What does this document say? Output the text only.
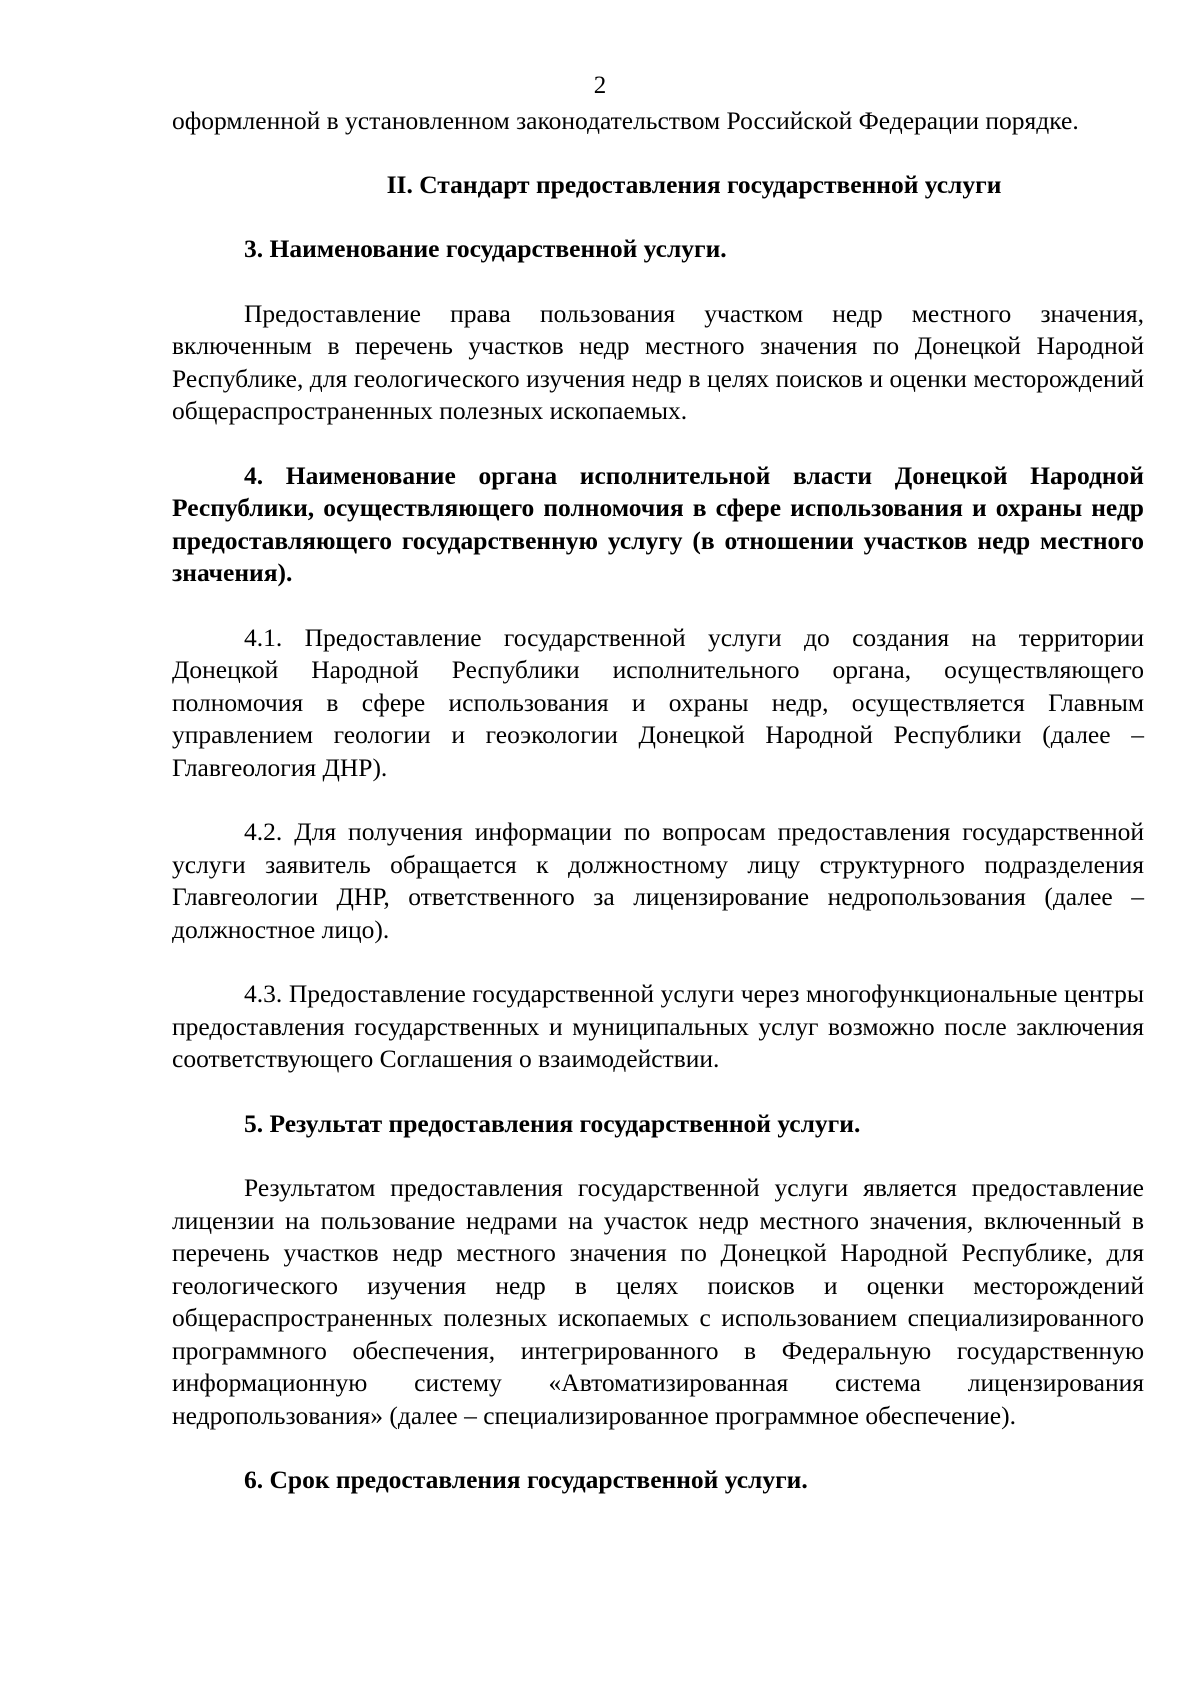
2

оформленной в установленном законодательством Российской Федерации порядке.

II. Стандарт предоставления государственной услуги

3. Наименование государственной услуги.

Предоставление права пользования участком недр местного значения, включенным в перечень участков недр местного значения по Донецкой Народной Республике, для геологического изучения недр в целях поисков и оценки месторождений общераспространенных полезных ископаемых.

4. Наименование органа исполнительной власти Донецкой Народной Республики, осуществляющего полномочия в сфере использования и охраны недр предоставляющего государственную услугу (в отношении участков недр местного значения).

4.1. Предоставление государственной услуги до создания на территории Донецкой Народной Республики исполнительного органа, осуществляющего полномочия в сфере использования и охраны недр, осуществляется Главным управлением геологии и геоэкологии Донецкой Народной Республики (далее – Главгеология ДНР).

4.2. Для получения информации по вопросам предоставления государственной услуги заявитель обращается к должностному лицу структурного подразделения Главгеологии ДНР, ответственного за лицензирование недропользования (далее – должностное лицо).

4.3. Предоставление государственной услуги через многофункциональные центры предоставления государственных и муниципальных услуг возможно после заключения соответствующего Соглашения о взаимодействии.

5. Результат предоставления государственной услуги.

Результатом предоставления государственной услуги является предоставление лицензии на пользование недрами на участок недр местного значения, включенный в перечень участков недр местного значения по Донецкой Народной Республике, для геологического изучения недр в целях поисков и оценки месторождений общераспространенных полезных ископаемых с использованием специализированного программного обеспечения, интегрированного в Федеральную государственную информационную систему «Автоматизированная система лицензирования недропользования» (далее – специализированное программное обеспечение).

6. Срок предоставления государственной услуги.
